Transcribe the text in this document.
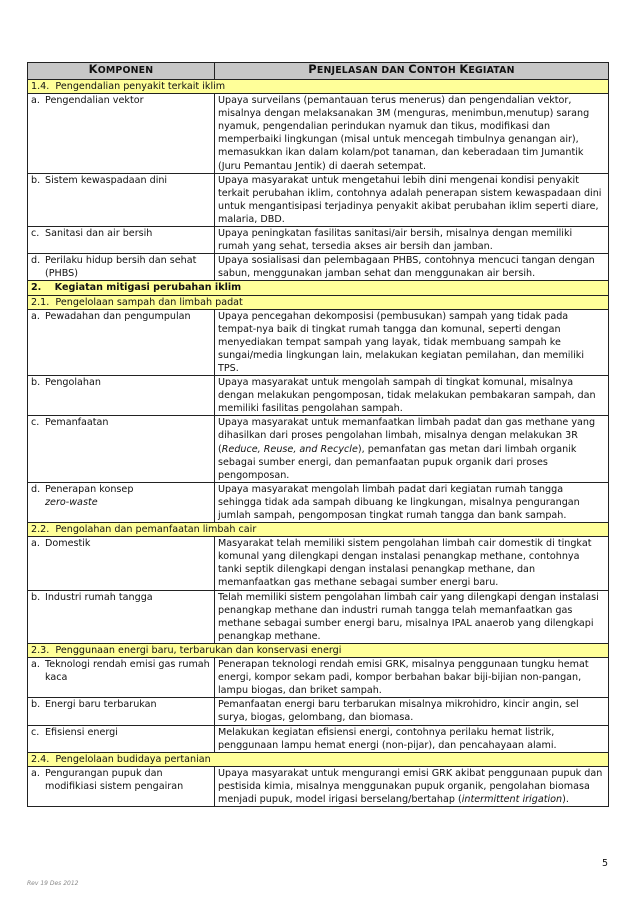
KOMPONEN	PENJELASAN DAN CONTOH KEGIATAN
1.4.  Pengendalian penyakit terkait iklim	

a. Pengendalian vektor	Upaya surveilans (pemantauan terus menerus) dan pengendalian vektor, misalnya dengan melaksanakan 3M (menguras, menimbun,menutup) sarang nyamuk, pengendalian perindukan nyamuk dan tikus, modifikasi dan memperbaiki lingkungan (misal untuk mencegah timbulnya genangan air), memasukkan ikan dalam kolam/pot tanaman, dan keberadaan tim Jumantik (Juru Pemantau Jentik) di daerah setempat.

b. Sistem kewaspadaan dini	Upaya masyarakat untuk mengetahui lebih dini mengenai kondisi penyakit terkait perubahan iklim, contohnya adalah penerapan sistem kewaspadaan dini untuk mengantisipasi terjadinya penyakit akibat perubahan iklim seperti diare, malaria, DBD.

c. Sanitasi dan air bersih	Upaya peningkatan fasilitas sanitasi/air bersih, misalnya dengan memiliki rumah yang sehat, tersedia akses air bersih dan jamban.

d. Perilaku hidup bersih dan sehat (PHBS)	Upaya sosialisasi dan pelembagaan PHBS, contohnya mencuci tangan dengan sabun, menggunakan jamban sehat dan menggunakan air bersih.
2.    Kegiatan mitigasi perubahan iklim	
2.1.  Pengelolaan sampah dan limbah padat	

a. Pewadahan dan pengumpulan	Upaya pencegahan dekomposisi (pembusukan) sampah yang tidak pada tempat-nya baik di tingkat rumah tangga dan komunal, seperti dengan menyediakan tempat sampah yang layak, tidak membuang sampah ke sungai/media lingkungan lain, melakukan kegiatan pemilahan, dan memiliki TPS.

b. Pengolahan	Upaya masyarakat untuk mengolah sampah di tingkat komunal, misalnya dengan melakukan pengomposan, tidak melakukan pembakaran sampah, dan memiliki fasilitas pengolahan sampah.

c. Pemanfaatan	Upaya masyarakat untuk memanfaatkan limbah padat dan gas methane yang dihasilkan dari proses pengolahan limbah, misalnya dengan melakukan 3R (Reduce, Reuse, and Recycle), pemanfatan gas metan dari limbah organik sebagai sumber energi, dan pemanfaatan pupuk organik dari proses pengomposan.

d. Penerapan konsep
zero-waste	Upaya masyarakat mengolah limbah padat dari kegiatan rumah tangga sehingga tidak ada sampah dibuang ke lingkungan, misalnya pengurangan jumlah sampah, pengomposan tingkat rumah tangga dan bank sampah.
2.2.  Pengolahan dan pemanfaatan limbah cair	

a. Domestik	Masyarakat telah memiliki sistem pengolahan limbah cair domestik di tingkat komunal yang dilengkapi dengan instalasi penangkap methane, contohnya tanki septik dilengkapi dengan instalasi penangkap methane, dan memanfaatkan gas methane sebagai sumber energi baru.

b. Industri rumah tangga	Telah memiliki sistem pengolahan limbah cair yang dilengkapi dengan instalasi penangkap methane dan industri rumah tangga telah memanfaatkan gas methane sebagai sumber energi baru, misalnya IPAL anaerob yang dilengkapi penangkap methane.
2.3.  Penggunaan energi baru, terbarukan dan konservasi energi	

a. Teknologi rendah emisi gas rumah kaca	Penerapan teknologi rendah emisi GRK, misalnya penggunaan tungku hemat energi, kompor sekam padi, kompor berbahan bakar biji-bijian non-pangan, lampu biogas, dan briket sampah.

b. Energi baru terbarukan	Pemanfaatan energi baru terbarukan misalnya mikrohidro, kincir angin, sel surya, biogas, gelombang, dan biomasa.

c. Efisiensi energi	Melakukan kegiatan efisiensi energi, contohnya perilaku hemat listrik, penggunaan lampu hemat energi (non-pijar), dan pencahayaan alami.
2.4.  Pengelolaan budidaya pertanian	

a. Pengurangan pupuk dan modifikiasi sistem pengairan	Upaya masyarakat untuk mengurangi emisi GRK akibat penggunaan pupuk dan pestisida kimia, misalnya menggunakan pupuk organik, pengolahan biomasa menjadi pupuk, model irigasi berselang/bertahap (intermittent irigation).
5
Rev 19 Des 2012
